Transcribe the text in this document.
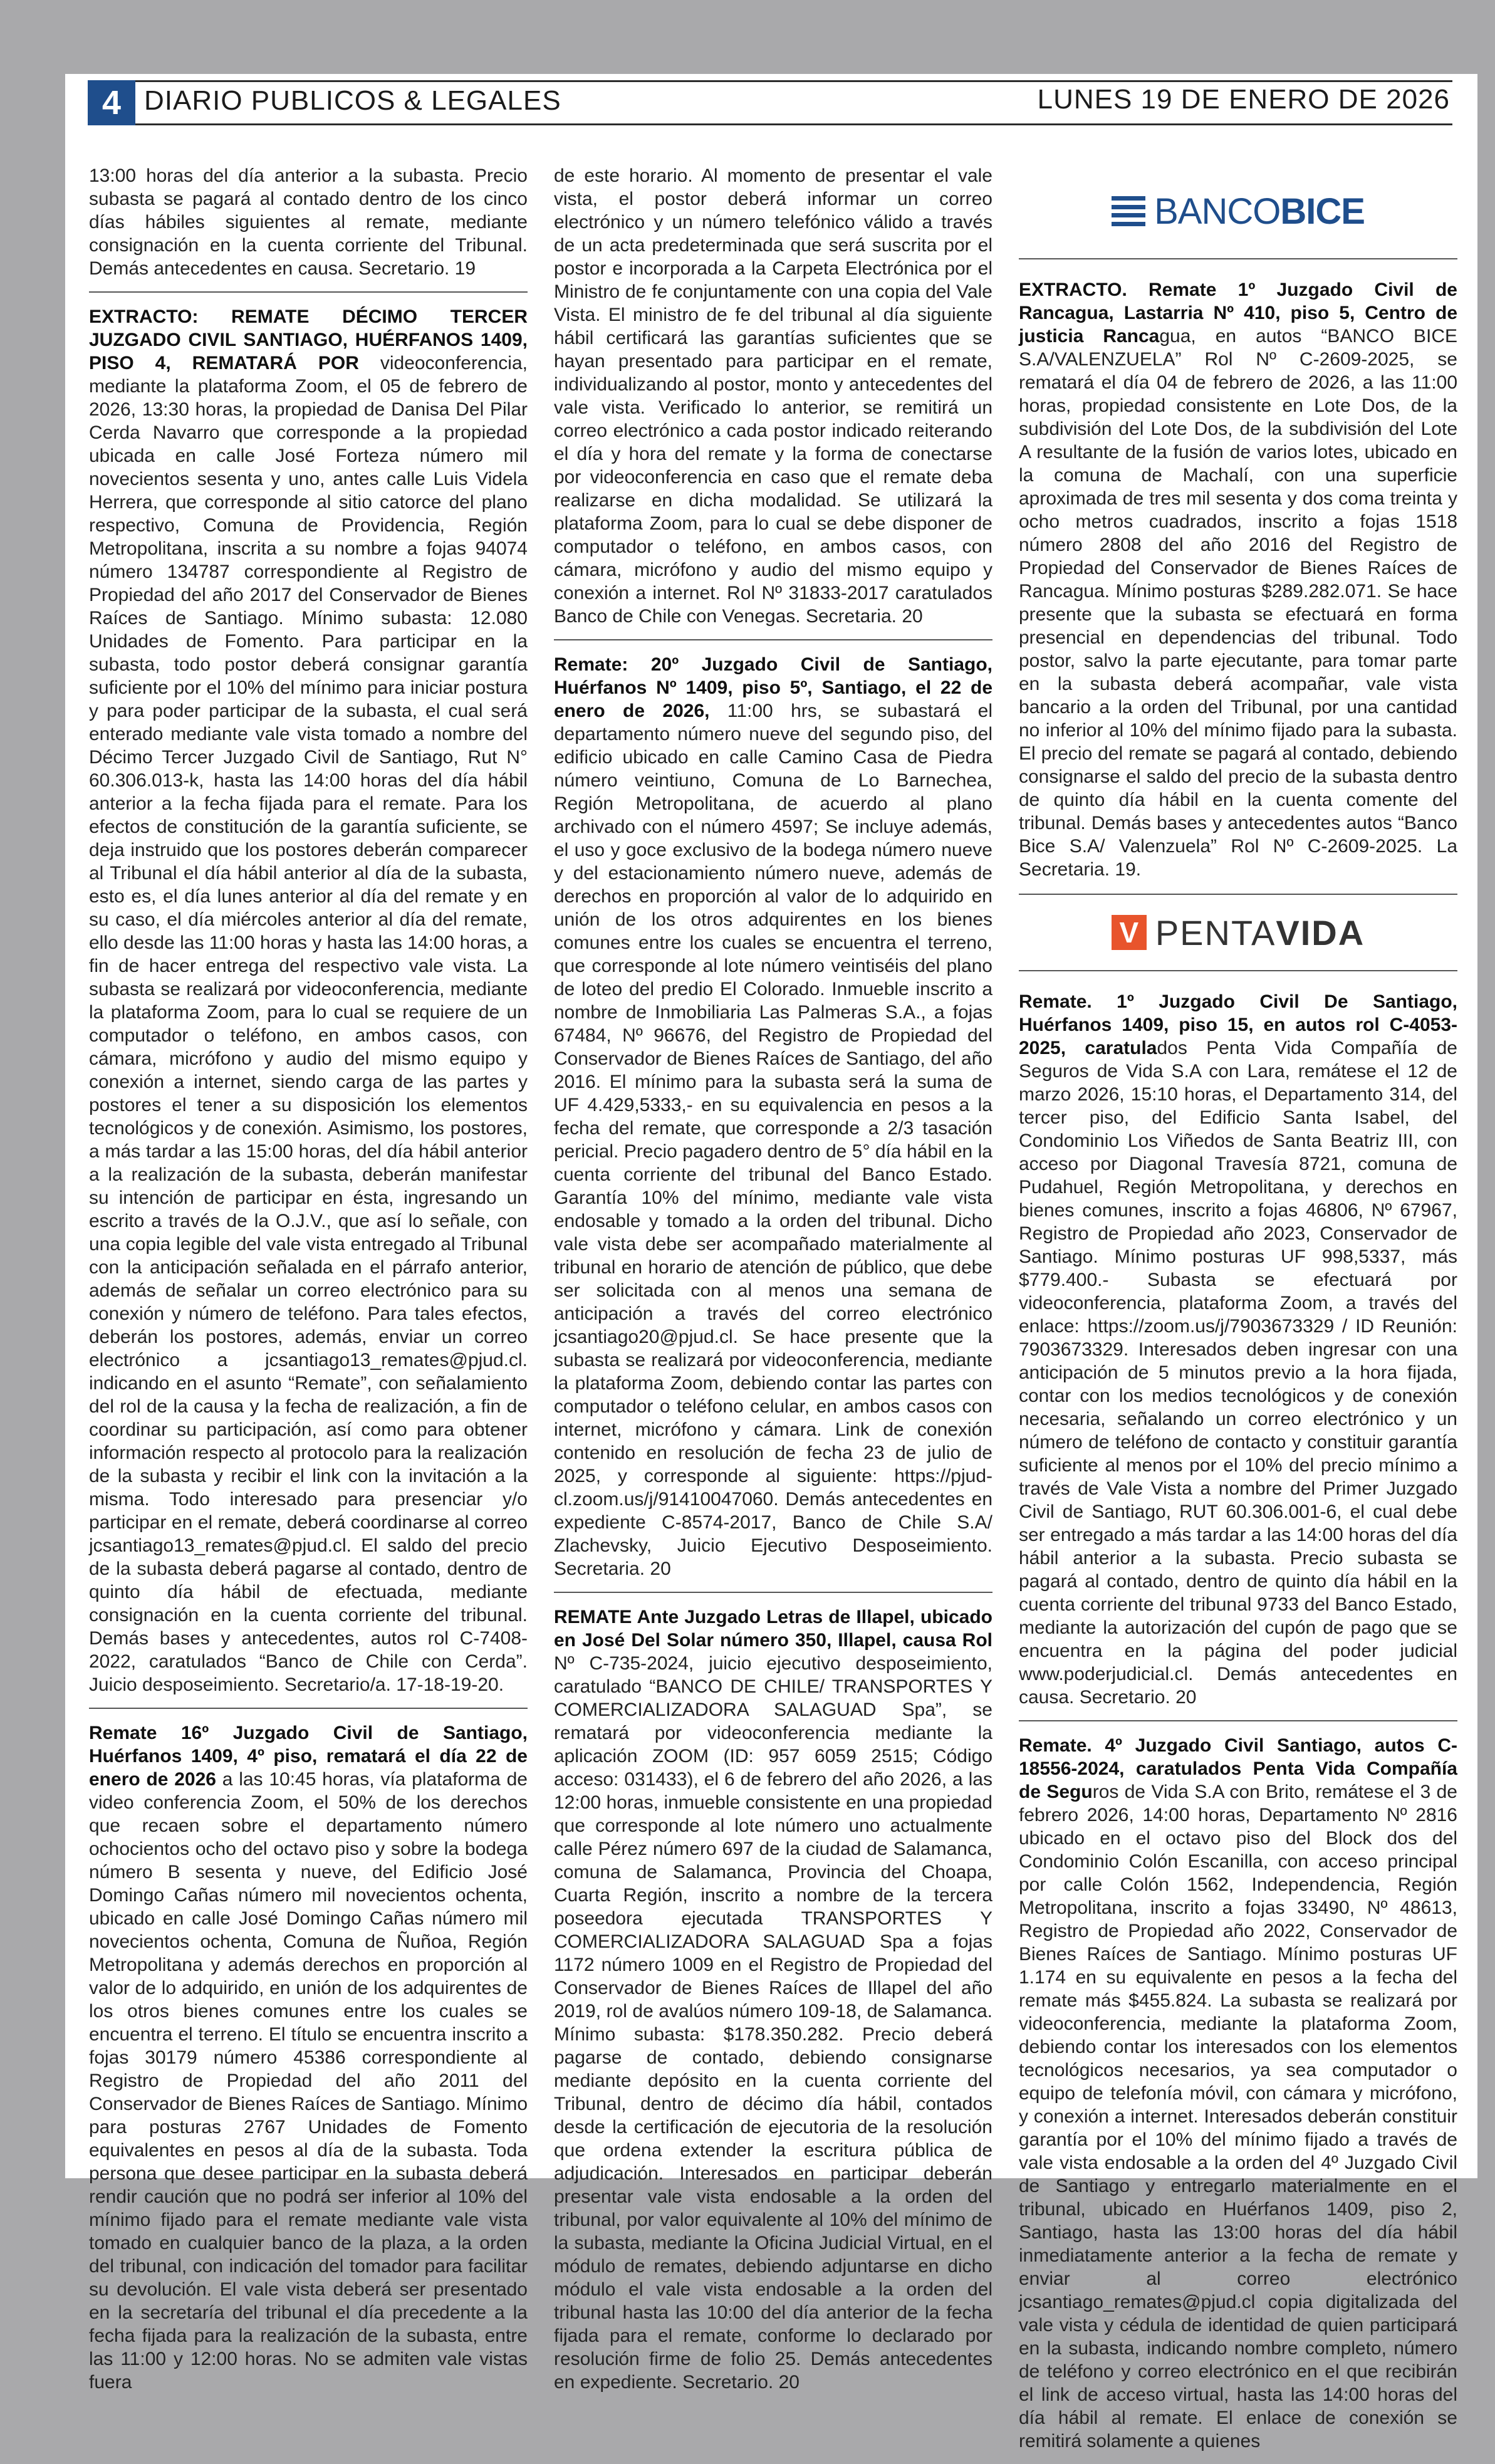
4 DIARIO PUBLICOS & LEGALES	LUNES 19 DE ENERO DE 2026

13:00 horas del día anterior a la subasta. Precio subasta se pagará al contado dentro de los cinco días hábiles siguientes al remate, mediante consignación en la cuenta corriente del Tribunal. Demás antecedentes en causa. Secretario. 19

EXTRACTO: REMATE DÉCIMO TERCER JUZGADO CIVIL SANTIAGO, HUÉRFANOS 1409, PISO 4, REMATARÁ POR videoconferencia, mediante la plataforma Zoom, el 05 de febrero de 2026, 13:30 horas, la propiedad de Danisa Del Pilar Cerda Navarro que corresponde a la propiedad ubicada en calle José Forteza número mil novecientos sesenta y uno, antes calle Luis Videla Herrera, que corresponde al sitio catorce del plano respectivo, Comuna de Providencia, Región Metropolitana, inscrita a su nombre a fojas 94074 número 134787 correspondiente al Registro de Propiedad del año 2017 del Conservador de Bienes Raíces de Santiago. Mínimo subasta: 12.080 Unidades de Fomento. Para participar en la subasta, todo postor deberá consignar garantía suficiente por el 10% del mínimo para iniciar postura y para poder participar de la subasta, el cual será enterado mediante vale vista tomado a nombre del Décimo Tercer Juzgado Civil de Santiago, Rut N° 60.306.013-k, hasta las 14:00 horas del día hábil anterior a la fecha fijada para el remate. Para los efectos de constitución de la garantía suficiente, se deja instruido que los postores deberán comparecer al Tribunal el día hábil anterior al día de la subasta, esto es, el día lunes anterior al día del remate y en su caso, el día miércoles anterior al día del remate, ello desde las 11:00 horas y hasta las 14:00 horas, a fin de hacer entrega del respectivo vale vista. La subasta se realizará por videoconferencia, mediante la plataforma Zoom, para lo cual se requiere de un computador o teléfono, en ambos casos, con cámara, micrófono y audio del mismo equipo y conexión a internet, siendo carga de las partes y postores el tener a su disposición los elementos tecnológicos y de conexión. Asimismo, los postores, a más tardar a las 15:00 horas, del día hábil anterior a la realización de la subasta, deberán manifestar su intención de participar en ésta, ingresando un escrito a través de la O.J.V., que así lo señale, con una copia legible del vale vista entregado al Tribunal con la anticipación señalada en el párrafo anterior, además de señalar un correo electrónico para su conexión y número de teléfono. Para tales efectos, deberán los postores, además, enviar un correo electrónico a jcsantiago13_remates@pjud.cl. indicando en el asunto “Remate”, con señalamiento del rol de la causa y la fecha de realización, a fin de coordinar su participación, así como para obtener información respecto al protocolo para la realización de la subasta y recibir el link con la invitación a la misma. Todo interesado para presenciar y/o participar en el remate, deberá coordinarse al correo jcsantiago13_remates@pjud.cl. El saldo del precio de la subasta deberá pagarse al contado, dentro de quinto día hábil de efectuada, mediante consignación en la cuenta corriente del tribunal. Demás bases y antecedentes, autos rol C-7408-2022, caratulados “Banco de Chile con Cerda”. Juicio desposeimiento. Secretario/a. 17-18-19-20.

Remate 16º Juzgado Civil de Santiago, Huérfanos 1409, 4º piso, rematará el día 22 de enero de 2026 a las 10:45 horas, vía plataforma de video conferencia Zoom, el 50% de los derechos que recaen sobre el departamento número ochocientos ocho del octavo piso y sobre la bodega número B sesenta y nueve, del Edificio José Domingo Cañas número mil novecientos ochenta, ubicado en calle José Domingo Cañas número mil novecientos ochenta, Comuna de Ñuñoa, Región Metropolitana y además derechos en proporción al valor de lo adquirido, en unión de los adquirentes de los otros bienes comunes entre los cuales se encuentra el terreno. El título se encuentra inscrito a fojas 30179 número 45386 correspondiente al Registro de Propiedad del año 2011 del Conservador de Bienes Raíces de Santiago. Mínimo para posturas 2767 Unidades de Fomento equivalentes en pesos al día de la subasta. Toda persona que desee participar en la subasta deberá rendir caución que no podrá ser inferior al 10% del mínimo fijado para el remate mediante vale vista tomado en cualquier banco de la plaza, a la orden del tribunal, con indicación del tomador para facilitar su devolución. El vale vista deberá ser presentado en la secretaría del tribunal el día precedente a la fecha fijada para la realización de la subasta, entre las 11:00 y 12:00 horas. No se admiten vale vistas fuera

de este horario. Al momento de presentar el vale vista, el postor deberá informar un correo electrónico y un número telefónico válido a través de un acta predeterminada que será suscrita por el postor e incorporada a la Carpeta Electrónica por el Ministro de fe conjuntamente con una copia del Vale Vista. El ministro de fe del tribunal al día siguiente hábil certificará las garantías suficientes que se hayan presentado para participar en el remate, individualizando al postor, monto y antecedentes del vale vista. Verificado lo anterior, se remitirá un correo electrónico a cada postor indicado reiterando el día y hora del remate y la forma de conectarse por videoconferencia en caso que el remate deba realizarse en dicha modalidad. Se utilizará la plataforma Zoom, para lo cual se debe disponer de computador o teléfono, en ambos casos, con cámara, micrófono y audio del mismo equipo y conexión a internet. Rol Nº 31833-2017 caratulados Banco de Chile con Venegas. Secretaria. 20

Remate: 20º Juzgado Civil de Santiago, Huérfanos Nº 1409, piso 5º, Santiago, el 22 de enero de 2026, 11:00 hrs, se subastará el departamento número nueve del segundo piso, del edificio ubicado en calle Camino Casa de Piedra número veintiuno, Comuna de Lo Barnechea, Región Metropolitana, de acuerdo al plano archivado con el número 4597; Se incluye además, el uso y goce exclusivo de la bodega número nueve y del estacionamiento número nueve, además de derechos en proporción al valor de lo adquirido en unión de los otros adquirentes en los bienes comunes entre los cuales se encuentra el terreno, que corresponde al lote número veintiséis del plano de loteo del predio El Colorado. Inmueble inscrito a nombre de Inmobiliaria Las Palmeras S.A., a fojas 67484, Nº 96676, del Registro de Propiedad del Conservador de Bienes Raíces de Santiago, del año 2016. El mínimo para la subasta será la suma de UF 4.429,5333,- en su equivalencia en pesos a la fecha del remate, que corresponde a 2/3 tasación pericial. Precio pagadero dentro de 5° día hábil en la cuenta corriente del tribunal del Banco Estado. Garantía 10% del mínimo, mediante vale vista endosable y tomado a la orden del tribunal. Dicho vale vista debe ser acompañado materialmente al tribunal en horario de atención de público, que debe ser solicitada con al menos una semana de anticipación a través del correo electrónico jcsantiago20@pjud.cl. Se hace presente que la subasta se realizará por videoconferencia, mediante la plataforma Zoom, debiendo contar las partes con computador o teléfono celular, en ambos casos con internet, micrófono y cámara. Link de conexión contenido en resolución de fecha 23 de julio de 2025, y corresponde al siguiente: https://pjud-cl.zoom.us/j/91410047060. Demás antecedentes en expediente C-8574-2017, Banco de Chile S.A/ Zlachevsky, Juicio Ejecutivo Desposeimiento. Secretaria. 20

REMATE Ante Juzgado Letras de Illapel, ubicado en José Del Solar número 350, Illapel, causa Rol Nº C-735-2024, juicio ejecutivo desposeimiento, caratulado “BANCO DE CHILE/ TRANSPORTES Y COMERCIALIZADORA SALAGUAD Spa”, se rematará por videoconferencia mediante la aplicación ZOOM (ID: 957 6059 2515; Código acceso: 031433), el 6 de febrero del año 2026, a las 12:00 horas, inmueble consistente en una propiedad que corresponde al lote número uno actualmente calle Pérez número 697 de la ciudad de Salamanca, comuna de Salamanca, Provincia del Choapa, Cuarta Región, inscrito a nombre de la tercera poseedora ejecutada TRANSPORTES Y COMERCIALIZADORA SALAGUAD Spa a fojas 1172 número 1009 en el Registro de Propiedad del Conservador de Bienes Raíces de Illapel del año 2019, rol de avalúos número 109-18, de Salamanca. Mínimo subasta: $178.350.282. Precio deberá pagarse de contado, debiendo consignarse mediante depósito en la cuenta corriente del Tribunal, dentro de décimo día hábil, contados desde la certificación de ejecutoria de la resolución que ordena extender la escritura pública de adjudicación. Interesados en participar deberán presentar vale vista endosable a la orden del tribunal, por valor equivalente al 10% del mínimo de la subasta, mediante la Oficina Judicial Virtual, en el módulo de remates, debiendo adjuntarse en dicho módulo el vale vista endosable a la orden del tribunal hasta las 10:00 del día anterior de la fecha fijada para el remate, conforme lo declarado por resolución firme de folio 25. Demás antecedentes en expediente. Secretario. 20

BANCOBICE

EXTRACTO. Remate 1º Juzgado Civil de Rancagua, Lastarria Nº 410, piso 5, Centro de justicia Rancagua, en autos “BANCO BICE S.A/VALENZUELA” Rol Nº C-2609-2025, se rematará el día 04 de febrero de 2026, a las 11:00 horas, propiedad consistente en Lote Dos, de la subdivisión del Lote Dos, de la subdivisión del Lote A resultante de la fusión de varios lotes, ubicado en la comuna de Machalí, con una superficie aproximada de tres mil sesenta y dos coma treinta y ocho metros cuadrados, inscrito a fojas 1518 número 2808 del año 2016 del Registro de Propiedad del Conservador de Bienes Raíces de Rancagua. Mínimo posturas $289.282.071. Se hace presente que la subasta se efectuará en forma presencial en dependencias del tribunal. Todo postor, salvo la parte ejecutante, para tomar parte en la subasta deberá acompañar, vale vista bancario a la orden del Tribunal, por una cantidad no inferior al 10% del mínimo fijado para la subasta. El precio del remate se pagará al contado, debiendo consignarse el saldo del precio de la subasta dentro de quinto día hábil en la cuenta comente del tribunal. Demás bases y antecedentes autos “Banco Bice S.A/ Valenzuela” Rol Nº C-2609-2025. La Secretaria. 19.

V PENTAVIDA

Remate. 1º Juzgado Civil De Santiago, Huérfanos 1409, piso 15, en autos rol C-4053-2025, caratulados Penta Vida Compañía de Seguros de Vida S.A con Lara, remátese el 12 de marzo 2026, 15:10 horas, el Departamento 314, del tercer piso, del Edificio Santa Isabel, del Condominio Los Viñedos de Santa Beatriz III, con acceso por Diagonal Travesía 8721, comuna de Pudahuel, Región Metropolitana, y derechos en bienes comunes, inscrito a fojas 46806, Nº 67967, Registro de Propiedad año 2023, Conservador de Santiago. Mínimo posturas UF 998,5337, más $779.400.- Subasta se efectuará por videoconferencia, plataforma Zoom, a través del enlace: https://zoom.us/j/7903673329 / ID Reunión: 7903673329. Interesados deben ingresar con una anticipación de 5 minutos previo a la hora fijada, contar con los medios tecnológicos y de conexión necesaria, señalando un correo electrónico y un número de teléfono de contacto y constituir garantía suficiente al menos por el 10% del precio mínimo a través de Vale Vista a nombre del Primer Juzgado Civil de Santiago, RUT 60.306.001-6, el cual debe ser entregado a más tardar a las 14:00 horas del día hábil anterior a la subasta. Precio subasta se pagará al contado, dentro de quinto día hábil en la cuenta corriente del tribunal 9733 del Banco Estado, mediante la autorización del cupón de pago que se encuentra en la página del poder judicial www.poderjudicial.cl. Demás antecedentes en causa. Secretario. 20

Remate. 4º Juzgado Civil Santiago, autos C-18556-2024, caratulados Penta Vida Compañía de Seguros de Vida S.A con Brito, remátese el 3 de febrero 2026, 14:00 horas, Departamento Nº 2816 ubicado en el octavo piso del Block dos del Condominio Colón Escanilla, con acceso principal por calle Colón 1562, Independencia, Región Metropolitana, inscrito a fojas 33490, Nº 48613, Registro de Propiedad año 2022, Conservador de Bienes Raíces de Santiago. Mínimo posturas UF 1.174 en su equivalente en pesos a la fecha del remate más $455.824. La subasta se realizará por videoconferencia, mediante la plataforma Zoom, debiendo contar los interesados con los elementos tecnológicos necesarios, ya sea computador o equipo de telefonía móvil, con cámara y micrófono, y conexión a internet. Interesados deberán constituir garantía por el 10% del mínimo fijado a través de vale vista endosable a la orden del 4º Juzgado Civil de Santiago y entregarlo materialmente en el tribunal, ubicado en Huérfanos 1409, piso 2, Santiago, hasta las 13:00 horas del día hábil inmediatamente anterior a la fecha de remate y enviar al correo electrónico jcsantiago_remates@pjud.cl copia digitalizada del vale vista y cédula de identidad de quien participará en la subasta, indicando nombre completo, número de teléfono y correo electrónico en el que recibirán el link de acceso virtual, hasta las 14:00 horas del día hábil al remate. El enlace de conexión se remitirá solamente a quienes
